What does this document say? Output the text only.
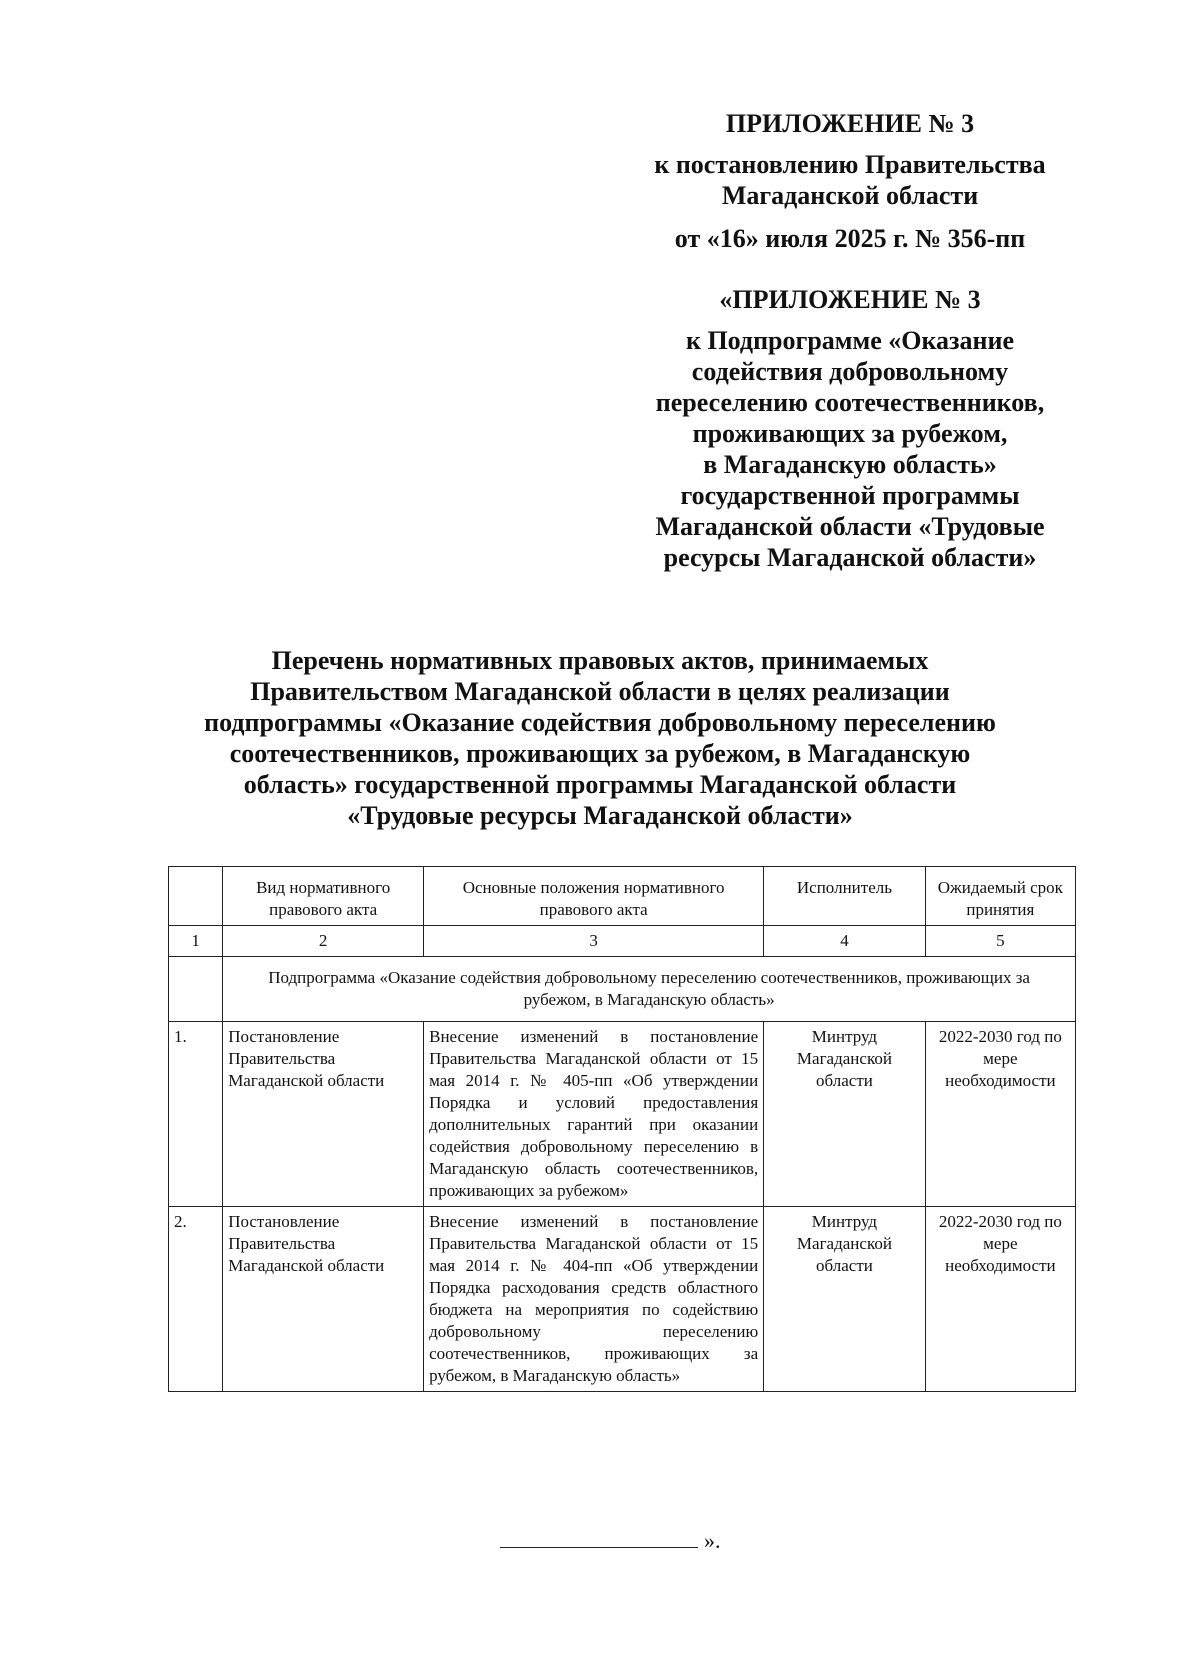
ПРИЛОЖЕНИЕ № 3
к постановлению Правительства
Магаданской области
от «16» июля 2025 г. № 356-пп
«ПРИЛОЖЕНИЕ № 3
к Подпрограмме «Оказание
содействия добровольному
переселению соотечественников,
проживающих за рубежом,
в Магаданскую область»
государственной программы
Магаданской области «Трудовые
ресурсы Магаданской области»
Перечень нормативных правовых актов, принимаемых
Правительством Магаданской области в целях реализации
подпрограммы «Оказание содействия добровольному переселению
соотечественников, проживающих за рубежом, в Магаданскую
область» государственной программы Магаданской области
«Трудовые ресурсы Магаданской области»
	Вид нормативного правового акта	Основные положения нормативного правового акта	Исполнитель	Ожидаемый срок принятия
1	2	3	4	5
	Подпрограмма «Оказание содействия добровольному переселению соотечественников, проживающих за рубежом, в Магаданскую область»			
1.	Постановление Правительства Магаданской области	Внесение изменений в постановление Правительства Магаданской области от 15 мая 2014 г. № 405-пп «Об утверждении Порядка и условий предоставления дополнительных гарантий при оказании содействия добровольному переселению в Магаданскую область соотечественников, проживающих за рубежом»	Минтруд Магаданской области	2022-2030 год по мере необходимости
2.	Постановление Правительства Магаданской области	Внесение изменений в постановление Правительства Магаданской области от 15 мая 2014 г. № 404-пп «Об утверждении Порядка расходования средств областного бюджета на мероприятия по содействию добровольному переселению соотечественников, проживающих за рубежом, в Магаданскую область»	Минтруд Магаданской области	2022-2030 год по мере необходимости
».
